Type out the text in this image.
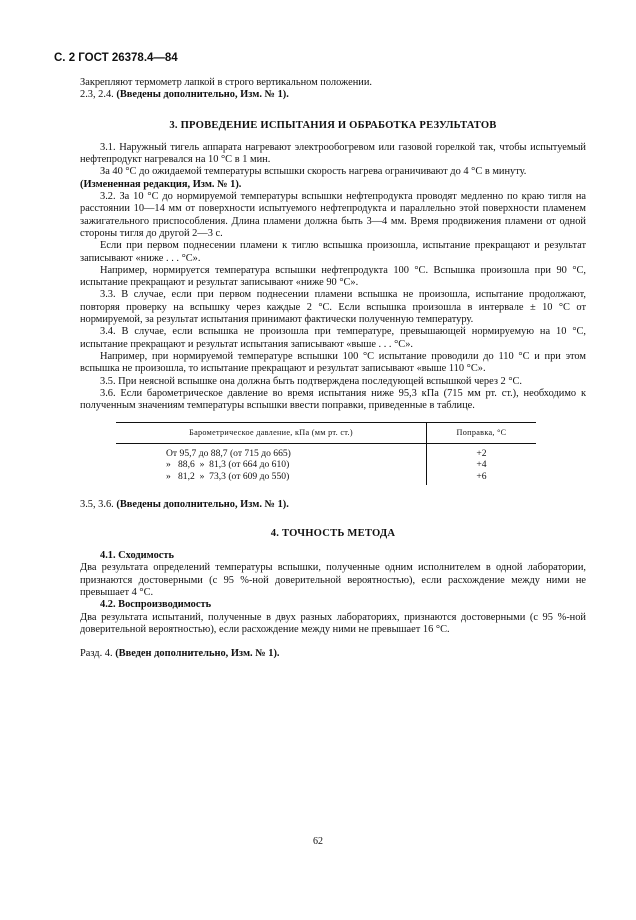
С. 2 ГОСТ 26378.4—84

Закрепляют термометр лапкой в строго вертикальном положении.

2.3, 2.4. (Введены дополнительно, Изм. № 1).

3. ПРОВЕДЕНИЕ ИСПЫТАНИЯ И ОБРАБОТКА РЕЗУЛЬТАТОВ

3.1. Наружный тигель аппарата нагревают электрообогревом или газовой горелкой так, чтобы испытуемый нефтепродукт нагревался на 10 °С в 1 мин.

За 40 °С до ожидаемой температуры вспышки скорость нагрева ограничивают до 4 °С в минуту.

(Измененная редакция, Изм. № 1).

3.2. За 10 °С до нормируемой температуры вспышки нефтепродукта проводят медленно по краю тигля на расстоянии 10—14 мм от поверхности испытуемого нефтепродукта и параллельно этой поверхности пламенем зажигательного приспособления. Длина пламени должна быть 3—4 мм. Время продвижения пламени от одной стороны тигля до другой 2—3 с.

Если при первом поднесении пламени к тиглю вспышка произошла, испытание прекращают и результат записывают «ниже . . . °С».

Например, нормируется температура вспышки нефтепродукта 100 °С. Вспышка произошла при 90 °С, испытание прекращают и результат записывают «ниже 90 °С».

3.3. В случае, если при первом поднесении пламени вспышка не произошла, испытание продолжают, повторяя проверку на вспышку через каждые 2 °С. Если вспышка произошла в интервале ± 10 °С от нормируемой, за результат испытания принимают фактически полученную температуру.

3.4. В случае, если вспышка не произошла при температуре, превышающей нормируемую на 10 °С, испытание прекращают и результат испытания записывают «выше . . . °С».

Например, при нормируемой температуре вспышки 100 °С испытание проводили до 110 °С и при этом вспышка не произошла, то испытание прекращают и результат записывают «выше 110 °С».

3.5. При неясной вспышке она должна быть подтверждена последующей вспышкой через 2 °С.

3.6. Если барометрическое давление во время испытания ниже 95,3 кПа (715 мм рт. ст.), необходимо к полученным значениям температуры вспышки ввести поправки, приведенные в таблице.

Барометрическое давление, кПа (мм рт. ст.)	Поправка, °С
От 95,7 до 88,7 (от 715 до 665)	+2
»   88,6  »  81,3 (от 664 до 610)	+4
»   81,2  »  73,3 (от 609 до 550)	+6

3.5, 3.6. (Введены дополнительно, Изм. № 1).

4. ТОЧНОСТЬ МЕТОДА

4.1. Сходимость

Два результата определений температуры вспышки, полученные одним исполнителем в одной лаборатории, признаются достоверными (с 95 %-ной доверительной вероятностью), если расхождение между ними не превышает 4 °С.

4.2. Воспроизводимость

Два результата испытаний, полученные в двух разных лабораториях, признаются достоверными (с 95 %-ной доверительной вероятностью), если расхождение между ними не превышает 16 °С.

Разд. 4. (Введен дополнительно, Изм. № 1).

62
